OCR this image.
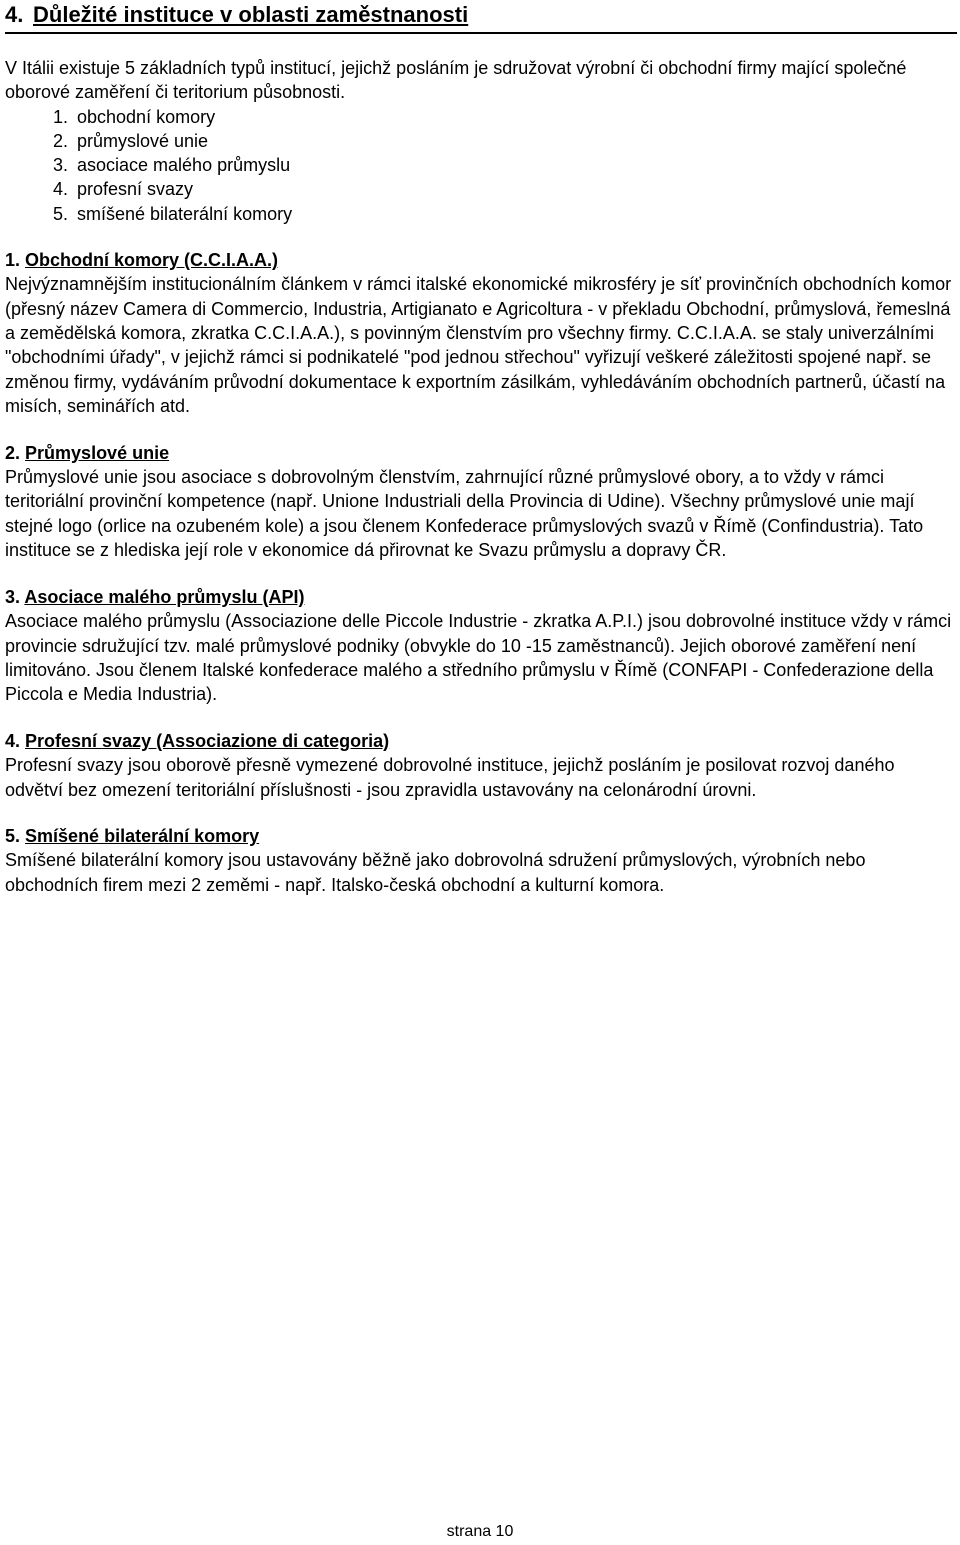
4. Důležité instituce v oblasti zaměstnanosti
V Itálii existuje 5 základních typů institucí, jejichž posláním je sdružovat výrobní či obchodní firmy mající společné oborové zaměření či teritorium působnosti.
1. obchodní komory
2. průmyslové unie
3. asociace malého průmyslu
4. profesní svazy
5. smíšené bilaterální komory
1. Obchodní komory (C.C.I.A.A.)

Nejvýznamnějším institucionálním článkem v rámci italské ekonomické mikrosféry je síť provinčních obchodních komor (přesný název Camera di Commercio, Industria, Artigianato e Agricoltura - v překladu Obchodní, průmyslová, řemeslná a zemědělská komora, zkratka C.C.I.A.A.), s povinným členstvím pro všechny firmy. C.C.I.A.A. se staly univerzálními "obchodními úřady", v jejichž rámci si podnikatelé "pod jednou střechou" vyřizují veškeré záležitosti spojené např. se změnou firmy, vydáváním průvodní dokumentace k exportním zásilkám, vyhledáváním obchodních partnerů, účastí na misích, seminářích atd.

2. Průmyslové unie

Průmyslové unie jsou asociace s dobrovolným členstvím, zahrnující různé průmyslové obory, a to vždy v rámci teritoriální provinční kompetence (např. Unione Industriali della Provincia di Udine). Všechny průmyslové unie mají stejné logo (orlice na ozubeném kole) a jsou členem Konfederace průmyslových svazů v Římě (Confindustria). Tato instituce se z hlediska její role v ekonomice dá přirovnat ke Svazu průmyslu a dopravy ČR.

3. Asociace malého průmyslu (API)

Asociace malého průmyslu (Associazione delle Piccole Industrie - zkratka A.P.I.) jsou dobrovolné instituce vždy v rámci provincie sdružující tzv. malé průmyslové podniky (obvykle do 10 -15 zaměstnanců). Jejich oborové zaměření není limitováno. Jsou členem Italské konfederace malého a středního průmyslu v Římě (CONFAPI - Confederazione della Piccola e Media Industria).

4. Profesní svazy (Associazione di categoria)

Profesní svazy jsou oborově přesně vymezené dobrovolné instituce, jejichž posláním je posilovat rozvoj daného odvětví bez omezení teritoriální příslušnosti - jsou zpravidla ustavovány na celonárodní úrovni.

5. Smíšené bilaterální komory

Smíšené bilaterální komory jsou ustavovány běžně jako dobrovolná sdružení průmyslových, výrobních nebo obchodních firem mezi 2 zeměmi - např. Italsko-česká obchodní a kulturní komora.

strana 10
